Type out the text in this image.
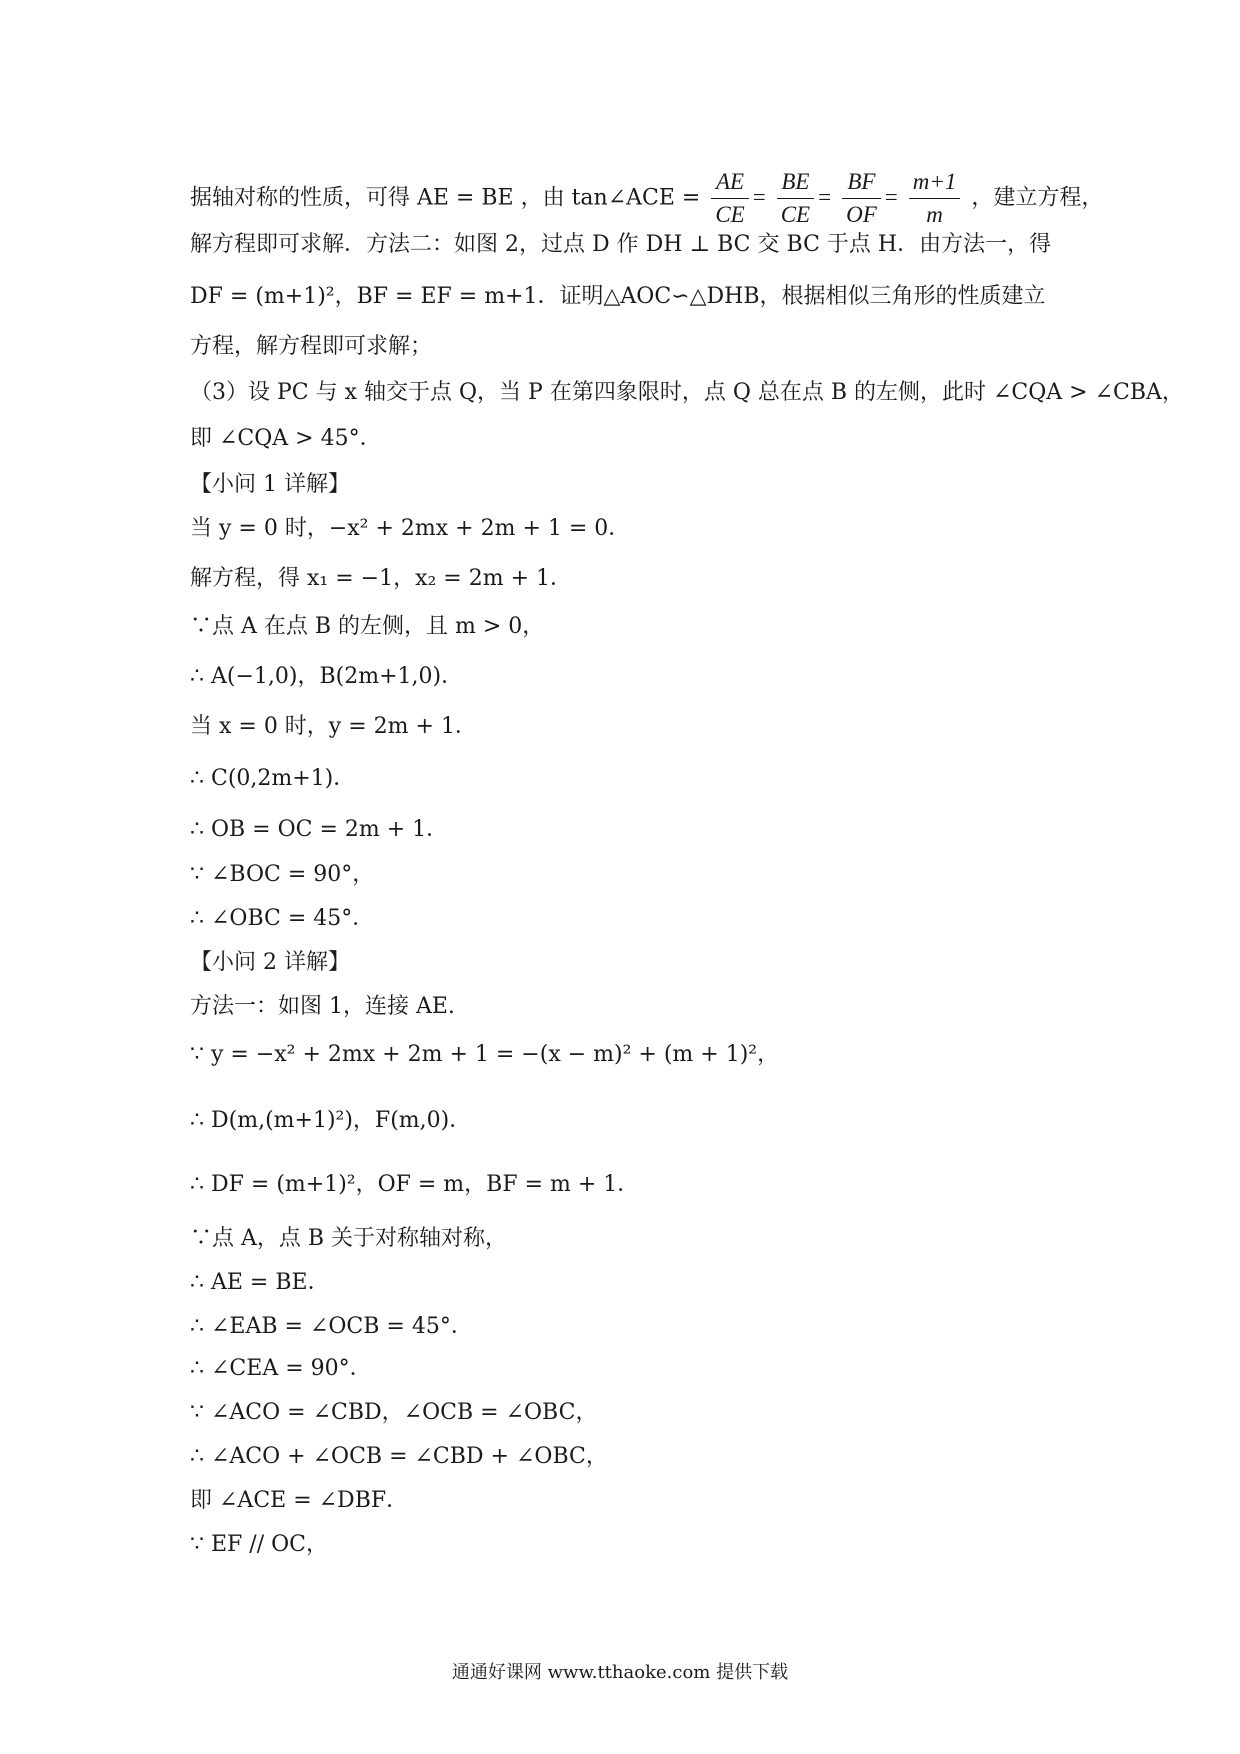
据轴对称的性质，可得 AE = BE ，由 tan∠ACE = $\frac{AE}{CE} = \frac{BE}{CE} = \frac{BF}{OF} = \frac{m+1}{m}$ ，建立方程，
解方程即可求解．方法二：如图 2，过点 D 作 DH ⊥ BC 交 BC 于点 H．由方法一，得
DF = (m+1)²，BF = EF = m+1．证明△AOC∽△DHB，根据相似三角形的性质建立
方程，解方程即可求解；
（3）设 PC 与 x 轴交于点 Q，当 P 在第四象限时，点 Q 总在点 B 的左侧，此时 ∠CQA > ∠CBA，
即 ∠CQA > 45°．
【小问 1 详解】
当 y = 0 时，−x² + 2mx + 2m + 1 = 0．
解方程，得 x₁ = −1，x₂ = 2m + 1．
∵点 A 在点 B 的左侧，且 m > 0，
∴ A(−1,0)，B(2m+1,0)．
当 x = 0 时，y = 2m + 1．
∴ C(0,2m+1)．
∴ OB = OC = 2m + 1．
∵ ∠BOC = 90°，
∴ ∠OBC = 45°．
【小问 2 详解】
方法一：如图 1，连接 AE.
∵ y = −x² + 2mx + 2m + 1 = −(x − m)² + (m + 1)²，
∴ D(m,(m+1)²)，F(m,0)．
∴ DF = (m+1)²，OF = m，BF = m + 1．
∵点 A，点 B 关于对称轴对称，
∴ AE = BE．
∴ ∠EAB = ∠OCB = 45°．
∴ ∠CEA = 90°．
∵ ∠ACO = ∠CBD，∠OCB = ∠OBC，
∴ ∠ACO + ∠OCB = ∠CBD + ∠OBC，
即 ∠ACE = ∠DBF．
∵ EF // OC，
通通好课网 www.tthaoke.com 提供下载
